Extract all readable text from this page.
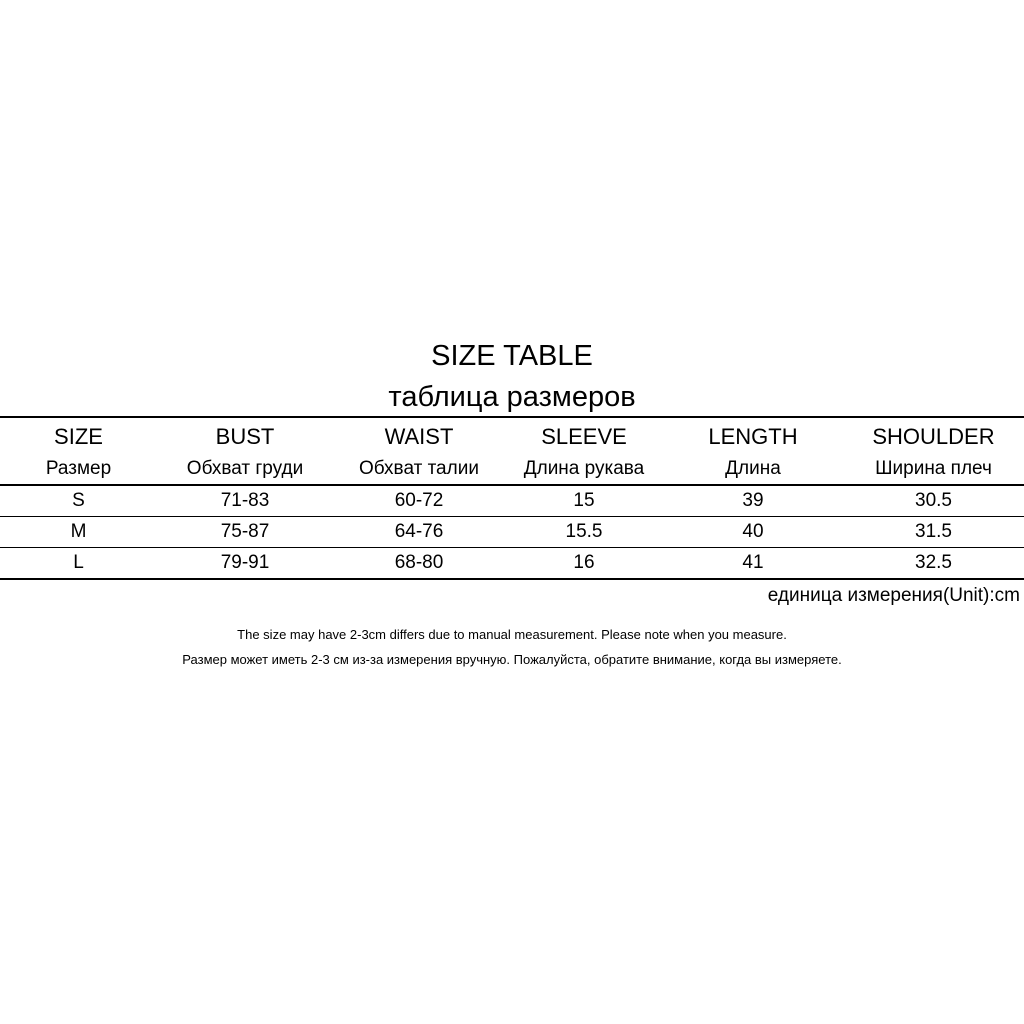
SIZE TABLE
таблица размеров
SIZE	BUST	WAIST	SLEEVE	LENGTH	SHOULDER
Размер	Обхват груди	Обхват талии	Длина рукава	Длина	Ширина плеч
S	71-83	60-72	15	39	30.5
M	75-87	64-76	15.5	40	31.5
L	79-91	68-80	16	41	32.5
единица измерения(Unit):cm
The size may have 2-3cm differs due to manual measurement. Please note when you measure.
Размер может иметь 2-3 см из-за измерения вручную. Пожалуйста, обратите внимание, когда вы измеряете.
